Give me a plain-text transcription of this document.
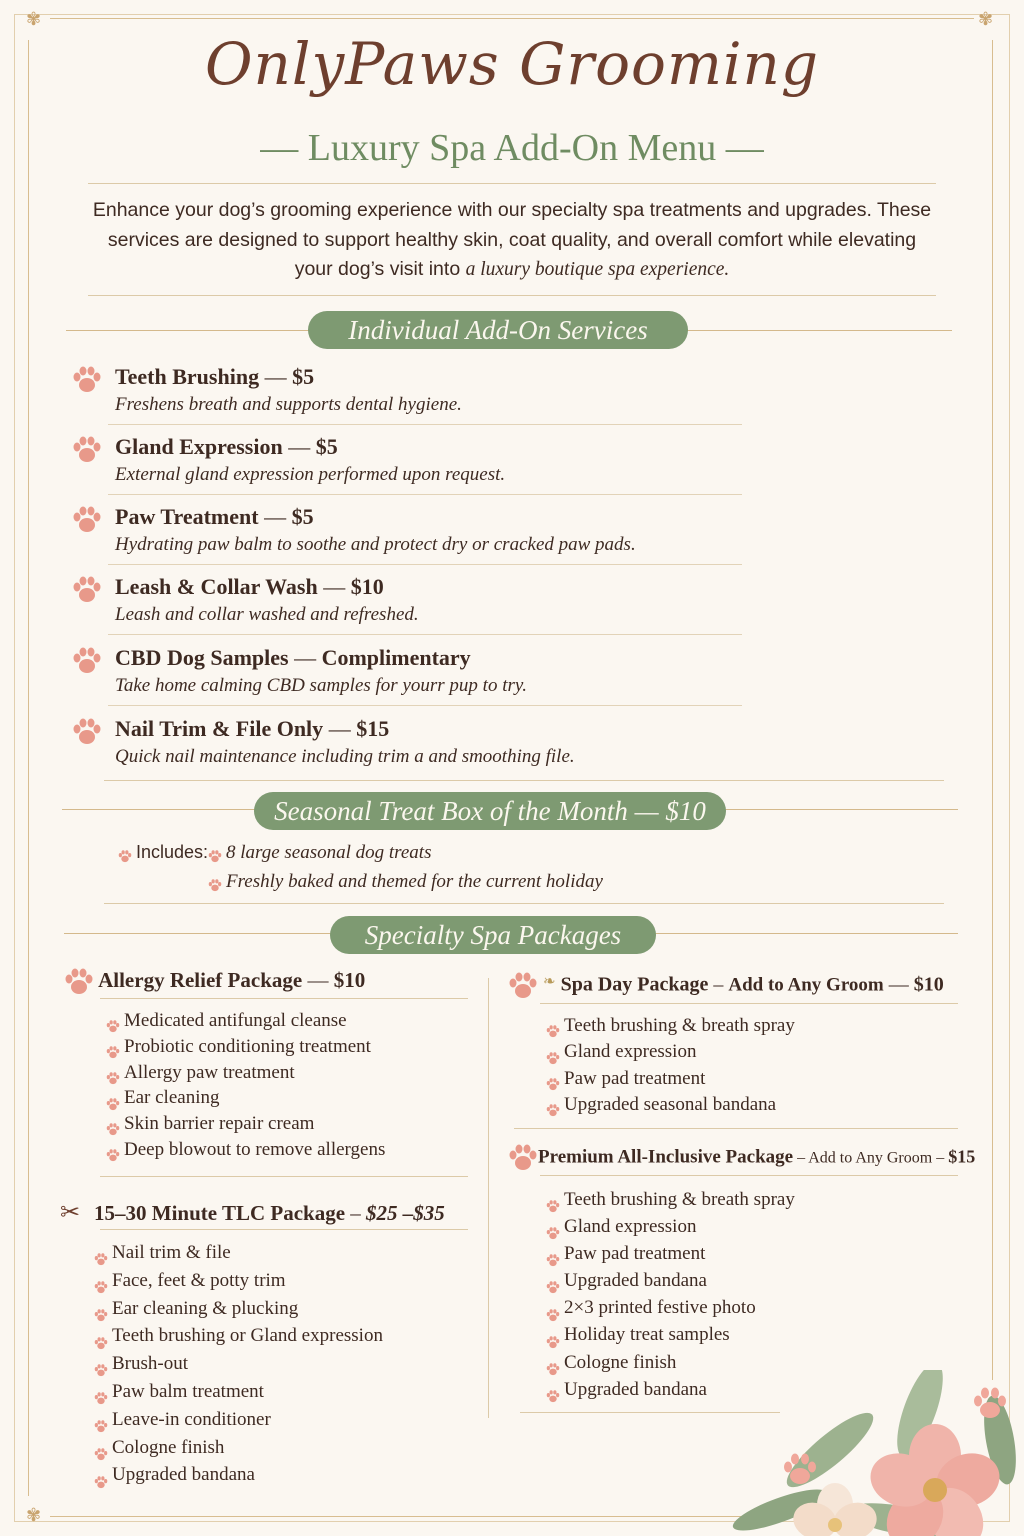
✾	✾
✾
OnlyPaws Grooming
— Luxury Spa Add-On Menu —
Enhance your dog’s grooming experience with our specialty spa treatments and upgrades. These services are designed to support healthy skin, coat quality, and overall comfort while elevating your dog’s visit into a luxury boutique spa experience.
Individual Add-On Services
Teeth Brushing — $5
Freshens breath and supports dental hygiene.
Gland Expression — $5
External gland expression performed upon request.
Paw Treatment — $5
Hydrating paw balm to soothe and protect dry or cracked paw pads.
Leash & Collar Wash — $10
Leash and collar washed and refreshed.
CBD Dog Samples — Complimentary
Take home calming CBD samples for yourr pup to try.
Nail Trim & File Only — $15
Quick nail maintenance including trim a and smoothing file.
Seasonal Treat Box of the Month — $10
Includes: 8 large seasonal dog treats
Freshly baked and themed for the current holiday
Specialty Spa Packages
Allergy Relief Package — $10
Medicated antifungal cleanse
Probiotic conditioning treatment
Allergy paw treatment
Ear cleaning
Skin barrier repair cream
Deep blowout to remove allergens
✂ 15–30 Minute TLC Package – $25 –$35
Nail trim & file
Face, feet & potty trim
Ear cleaning & plucking
Teeth brushing or Gland expression
Brush-out
Paw balm treatment
Leave-in conditioner
Cologne finish
Upgraded bandana
❧ Spa Day Package – Add to Any Groom — $10
Teeth brushing & breath spray
Gland expression
Paw pad treatment
Upgraded seasonal bandana
Premium All-Inclusive Package – Add to Any Groom – $15
Teeth brushing & breath spray
Gland expression
Paw pad treatment
Upgraded bandana
2×3 printed festive photo
Holiday treat samples
Cologne finish
Upgraded bandana
